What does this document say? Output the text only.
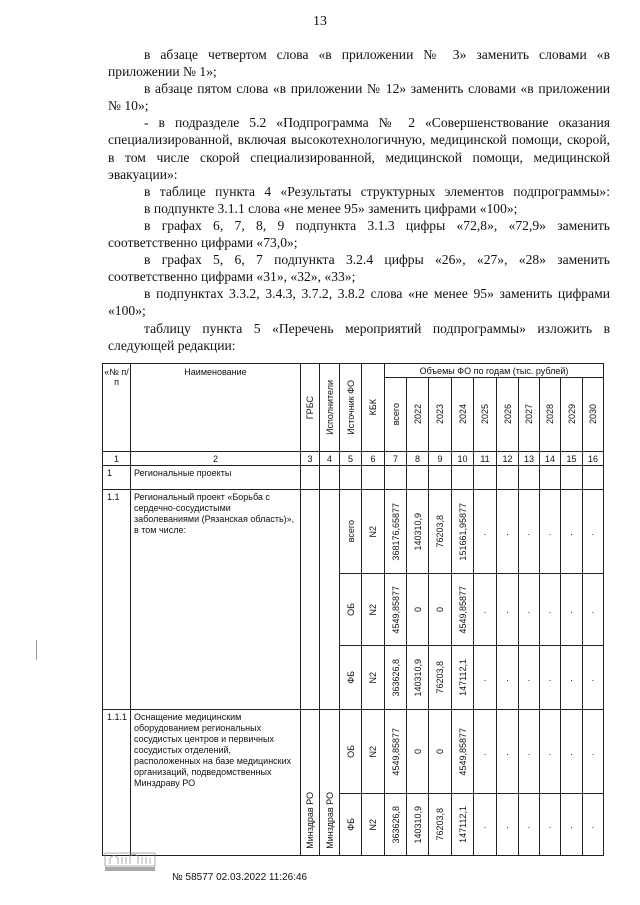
13

в абзаце четвертом слова «в приложении № 3» заменить словами «в приложении № 1»;

в абзаце пятом слова «в приложении № 12» заменить словами «в приложении № 10»;

- в подразделе 5.2 «Подпрограмма № 2 «Совершенствование оказания специализированной, включая высокотехнологичную, медицинской помощи, скорой, в том числе скорой специализированной, медицинской помощи, медицинской эвакуации»:

в таблице пункта 4 «Результаты структурных элементов подпрограммы»:

в подпункте 3.1.1 слова «не менее 95» заменить цифрами «100»;

в графах 6, 7, 8, 9 подпункта 3.1.3 цифры «72,8», «72,9» заменить соответственно цифрами «73,0»;

в графах 5, 6, 7 подпункта 3.2.4 цифры «26», «27», «28» заменить соответственно цифрами «31», «32», «33»;

в подпунктах 3.3.2, 3.4.3, 3.7.2, 3.8.2 слова «не менее 95» заменить цифрами «100»;

таблицу пункта 5 «Перечень мероприятий подпрограммы» изложить в следующей редакции:

«№ п/п	Наименование	ГРБС	Исполнители	Источник ФО	КБК	Объемы ФО по годам (тыс. рублей)									

						всего	2022	2023	2024	2025	2026	2027	2028	2029	2030

1	2	3	4	5	6	7	8	9	10	11	12	13	14	15	16
1	Региональные проекты														
1.1	Региональный проект «Борьба с сердечно-сосудистыми заболеваниями (Рязанская область)», в том числе:			всего	N2	368176,65877	140310,9	76203,8	151661,95877	.	.	.	.	.	.

				ОБ	N2	4549,85877	0	0	4549,85877	.	.	.	.	.	.

				ФБ	N2	363626,8	140310,9	76203,8	147112,1	.	.	.	.	.	.
1.1.1	Оснащение медицинским оборудованием региональных сосудистых центров и первичных сосудистых отделений, расположенных на базе медицинских организаций, подведомственных Минздраву РО	Минздрав РО	Минздрав РО	ОБ	N2	4549,85877	0	0	4549,85877	.	.	.	.	.	.

				ФБ	N2	363626,8	140310,9	76203,8	147112,1	.	.	.	.	.	.
№ 58577 02.03.2022 11:26:46
